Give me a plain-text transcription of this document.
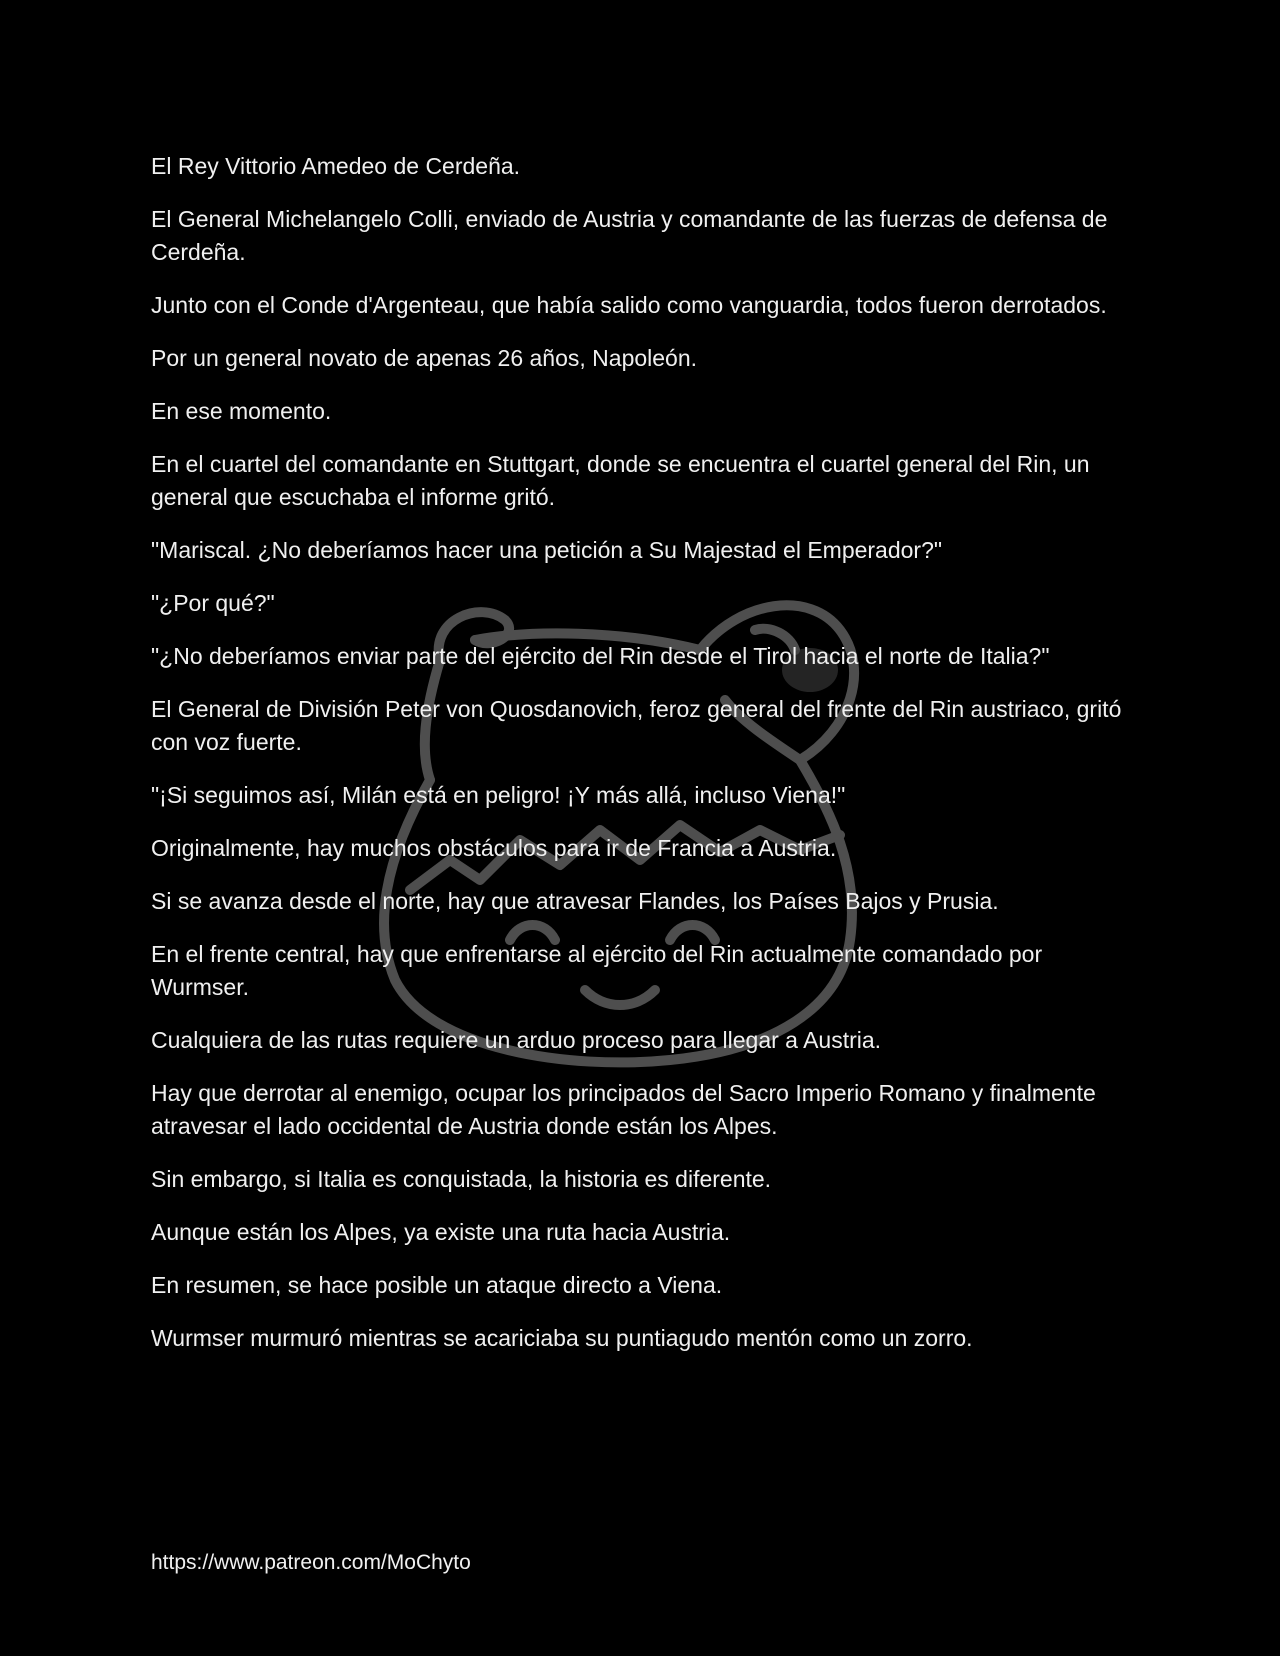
El Rey Vittorio Amedeo de Cerdeña.

El General Michelangelo Colli, enviado de Austria y comandante de las fuerzas de defensa de Cerdeña.

Junto con el Conde d'Argenteau, que había salido como vanguardia, todos fueron derrotados.

Por un general novato de apenas 26 años, Napoleón.

En ese momento.

En el cuartel del comandante en Stuttgart, donde se encuentra el cuartel general del Rin, un general que escuchaba el informe gritó.

"Mariscal. ¿No deberíamos hacer una petición a Su Majestad el Emperador?"

"¿Por qué?"

"¿No deberíamos enviar parte del ejército del Rin desde el Tirol hacia el norte de Italia?"

El General de División Peter von Quosdanovich, feroz general del frente del Rin austriaco, gritó con voz fuerte.

"¡Si seguimos así, Milán está en peligro! ¡Y más allá, incluso Viena!"

Originalmente, hay muchos obstáculos para ir de Francia a Austria.

Si se avanza desde el norte, hay que atravesar Flandes, los Países Bajos y Prusia.

En el frente central, hay que enfrentarse al ejército del Rin actualmente comandado por Wurmser.

Cualquiera de las rutas requiere un arduo proceso para llegar a Austria.

Hay que derrotar al enemigo, ocupar los principados del Sacro Imperio Romano y finalmente atravesar el lado occidental de Austria donde están los Alpes.

Sin embargo, si Italia es conquistada, la historia es diferente.

Aunque están los Alpes, ya existe una ruta hacia Austria.

En resumen, se hace posible un ataque directo a Viena.

Wurmser murmuró mientras se acariciaba su puntiagudo mentón como un zorro.

https://www.patreon.com/MoChyto
